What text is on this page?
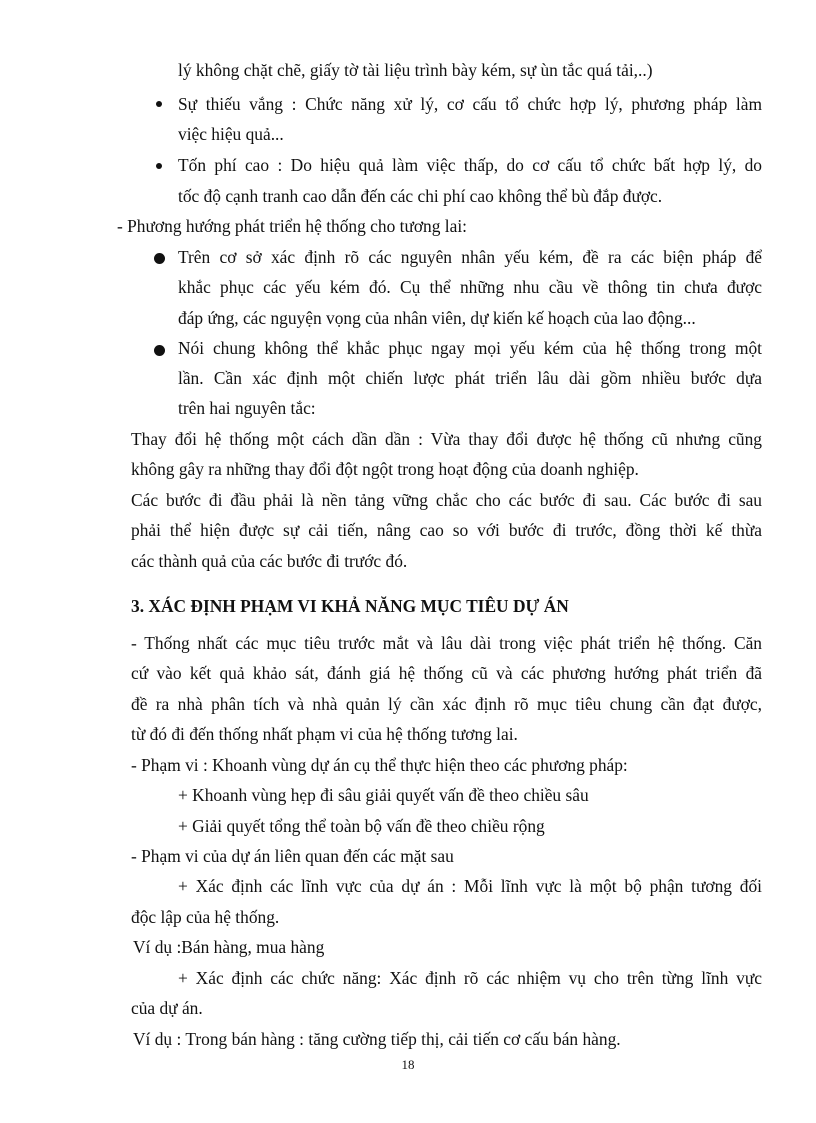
lý không chặt chẽ, giấy tờ tài liệu trình bày kém, sự ùn tắc quá tải,..)

Sự thiếu vắng : Chức năng xử lý, cơ cấu tổ chức hợp lý, phương pháp làm

việc hiệu quả...

Tốn phí cao : Do hiệu quả làm việc thấp, do cơ cấu tổ chức bất hợp lý, do

tốc độ cạnh tranh cao dẫn đến các chi phí cao không thể bù đắp được.

- Phương hướng phát triển hệ thống cho tương lai:

Trên cơ sở xác định rõ các nguyên nhân yếu kém, đề ra các biện pháp để

khắc phục các yếu kém đó. Cụ thể những nhu cầu về thông tin chưa được

đáp ứng, các nguyện vọng của nhân viên, dự kiến kế hoạch của lao động...

Nói chung không thể khắc phục ngay mọi yếu kém của hệ thống trong một

lần. Cần xác định một chiến lược phát triển lâu dài gồm nhiều bước dựa

trên hai nguyên tắc:

Thay đổi hệ thống một cách dần dần : Vừa thay đổi được hệ thống cũ nhưng cũng

không gây ra những thay đổi đột ngột trong hoạt động của doanh nghiệp.

Các bước đi đầu phải là nền tảng vững chắc cho các bước đi sau. Các bước đi sau

phải thể hiện được sự cải tiến, nâng cao so với bước đi trước, đồng thời kế thừa

các thành quả của các bước đi trước đó.

3. XÁC ĐỊNH PHẠM VI KHẢ NĂNG MỤC TIÊU DỰ ÁN

- Thống nhất các mục tiêu trước mắt và lâu dài trong việc phát triển hệ thống. Căn

cứ vào kết quả khảo sát, đánh giá hệ thống cũ và các phương hướng phát triển đã

đề ra nhà phân tích và nhà quản lý cần xác định rõ mục tiêu chung cần đạt được,

từ đó đi đến thống nhất phạm vi của hệ thống tương lai.

- Phạm vi : Khoanh vùng dự án cụ thể thực hiện theo các phương pháp:

+ Khoanh vùng hẹp đi sâu giải quyết vấn đề theo chiều sâu

+ Giải quyết tổng thể toàn bộ vấn đề theo chiều rộng

- Phạm vi của dự án liên quan đến các mặt sau

+ Xác định các lĩnh vực của dự án : Mỗi lĩnh vực là một bộ phận tương đối

độc lập của hệ thống.

Ví dụ :Bán hàng, mua hàng

+ Xác định các chức năng: Xác định rõ các nhiệm vụ cho trên từng lĩnh vực

của dự án.

Ví dụ : Trong bán hàng : tăng cường tiếp thị, cải tiến cơ cấu bán hàng.

18
